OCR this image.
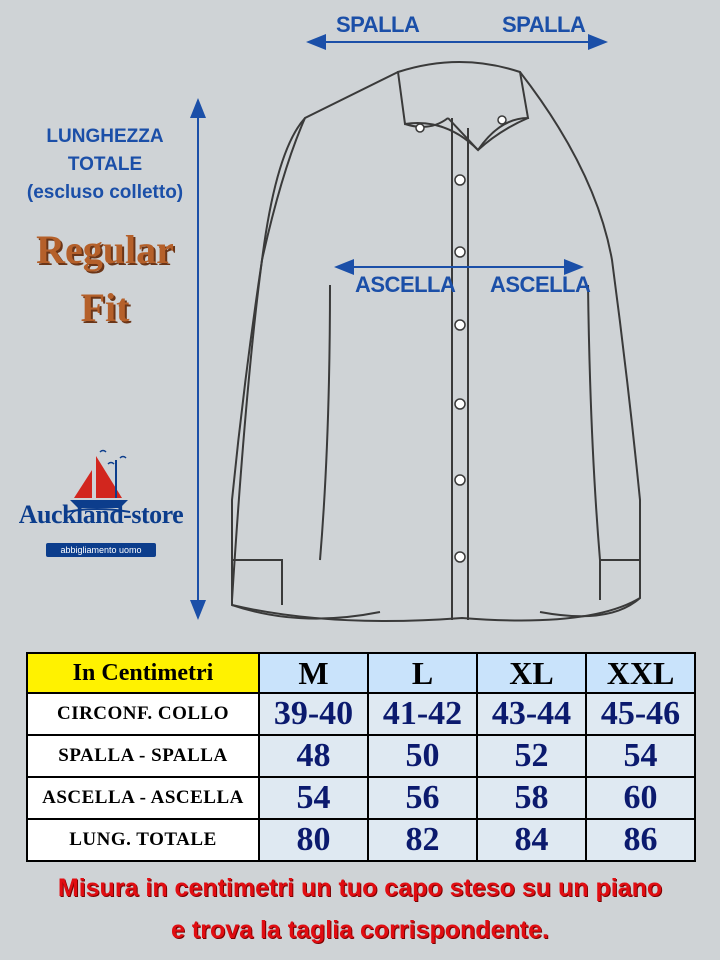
SPALLA	SPALLA
ASCELLA ASCELLA
LUNGHEZZA
TOTALE
(escluso colletto)
Regular
Fit
Auckland-store
abbigliamento uomo
In Centimetri	M	L	XL	XXL
CIRCONF. COLLO	39-40	41-42	43-44	45-46
SPALLA - SPALLA	48	50	52	54
ASCELLA - ASCELLA	54	56	58	60
LUNG. TOTALE	80	82	84	86
Misura in centimetri un tuo capo steso su un piano
e trova la taglia corrispondente.
